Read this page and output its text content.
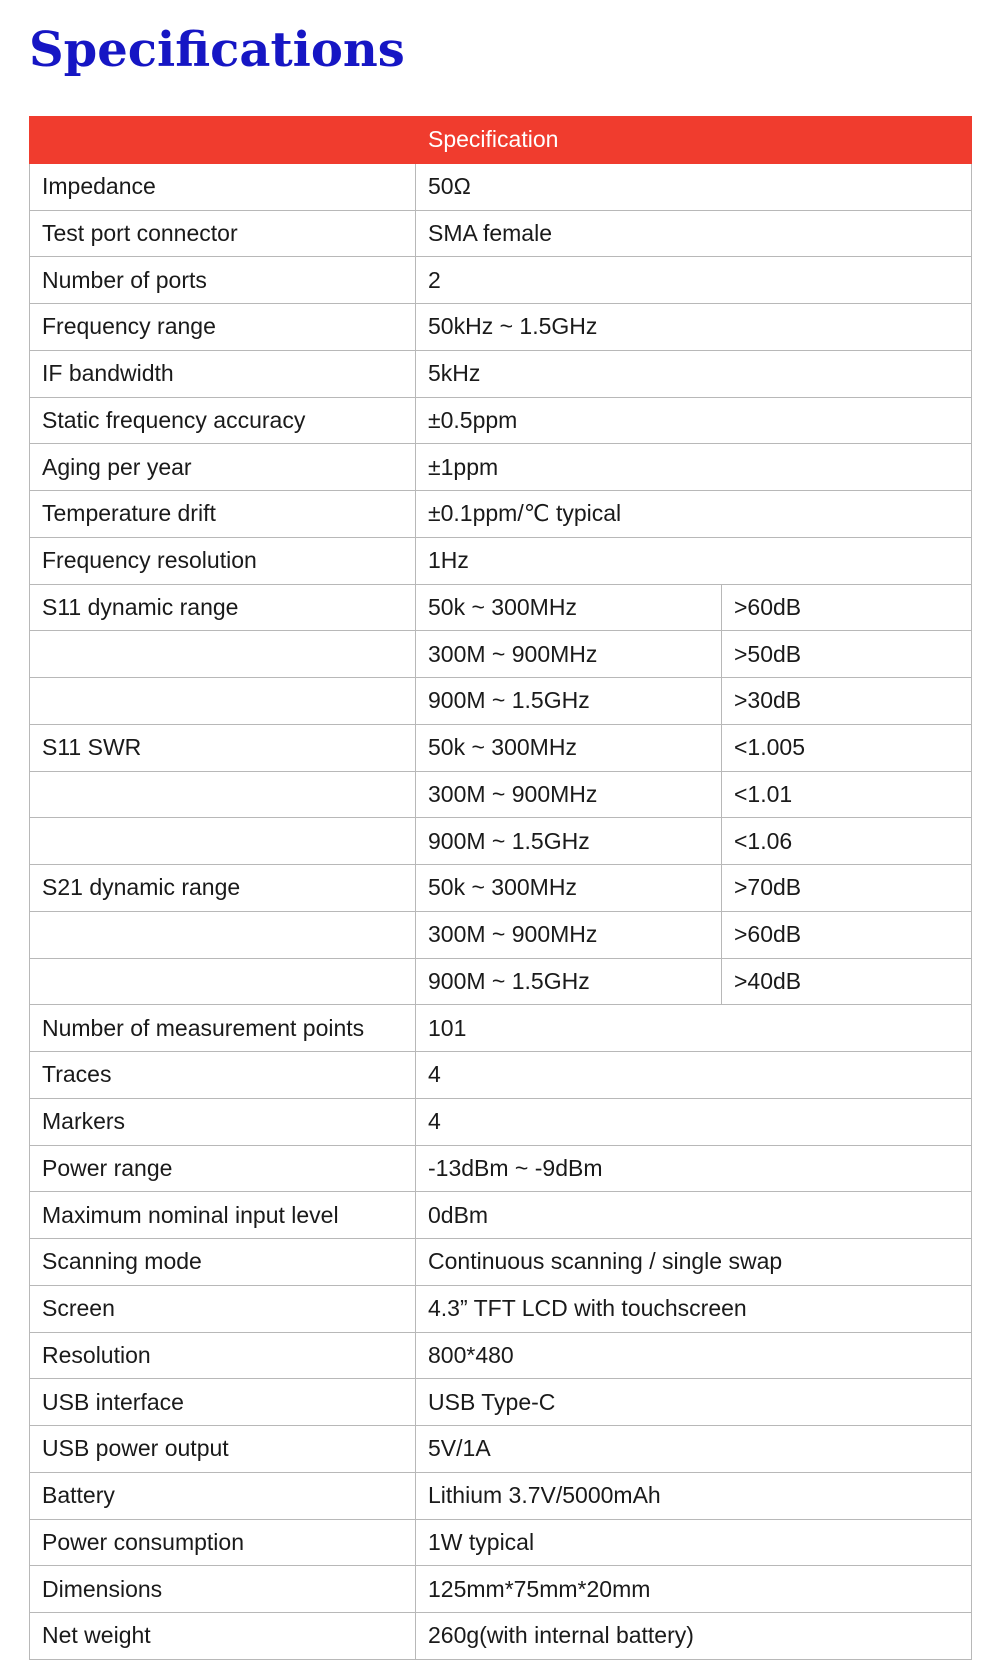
Specifications
	Specification	
Impedance	50Ω	
Test port connector	SMA female	
Number of ports	2	
Frequency range	50kHz ~ 1.5GHz	
IF bandwidth	5kHz	
Static frequency accuracy	±0.5ppm	
Aging per year	±1ppm	
Temperature drift	±0.1ppm/℃ typical	
Frequency resolution	1Hz	
S11 dynamic range	50k ~ 300MHz	>60dB
	300M ~ 900MHz	>50dB
	900M ~ 1.5GHz	>30dB
S11 SWR	50k ~ 300MHz	<1.005
	300M ~ 900MHz	<1.01
	900M ~ 1.5GHz	<1.06
S21 dynamic range	50k ~ 300MHz	>70dB
	300M ~ 900MHz	>60dB
	900M ~ 1.5GHz	>40dB
Number of measurement points	101	
Traces	4	
Markers	4	
Power range	-13dBm ~ -9dBm	
Maximum nominal input level	0dBm	
Scanning mode	Continuous scanning / single swap	
Screen	4.3” TFT LCD with touchscreen	
Resolution	800*480	
USB interface	USB Type-C	
USB power output	5V/1A	
Battery	Lithium 3.7V/5000mAh	
Power consumption	1W typical	
Dimensions	125mm*75mm*20mm	
Net weight	260g(with internal battery)	
